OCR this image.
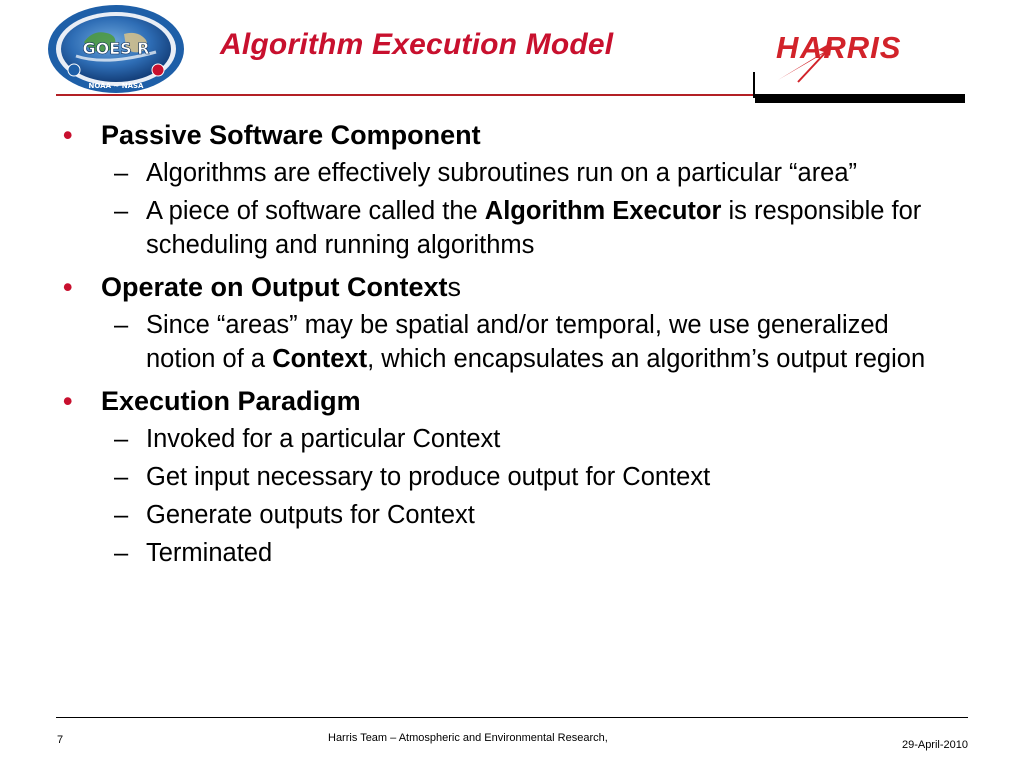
GOES R
NOAA ~ NASA
Algorithm Execution Model	H ARRIS
• Passive Software Component
– Algorithms are effectively subroutines run on a particular “area”
– A piece of software called the Algorithm Executor is responsible for scheduling and running algorithms
• Operate on Output Contexts
– Since “areas” may be spatial and/or temporal, we use generalized notion of a Context, which encapsulates an algorithm’s output region
• Execution Paradigm
– Invoked for a particular Context
– Get input necessary to produce output for Context
– Generate outputs for Context
– Terminated
7	Harris Team – Atmospheric and Environmental Research,
29-April-2010
